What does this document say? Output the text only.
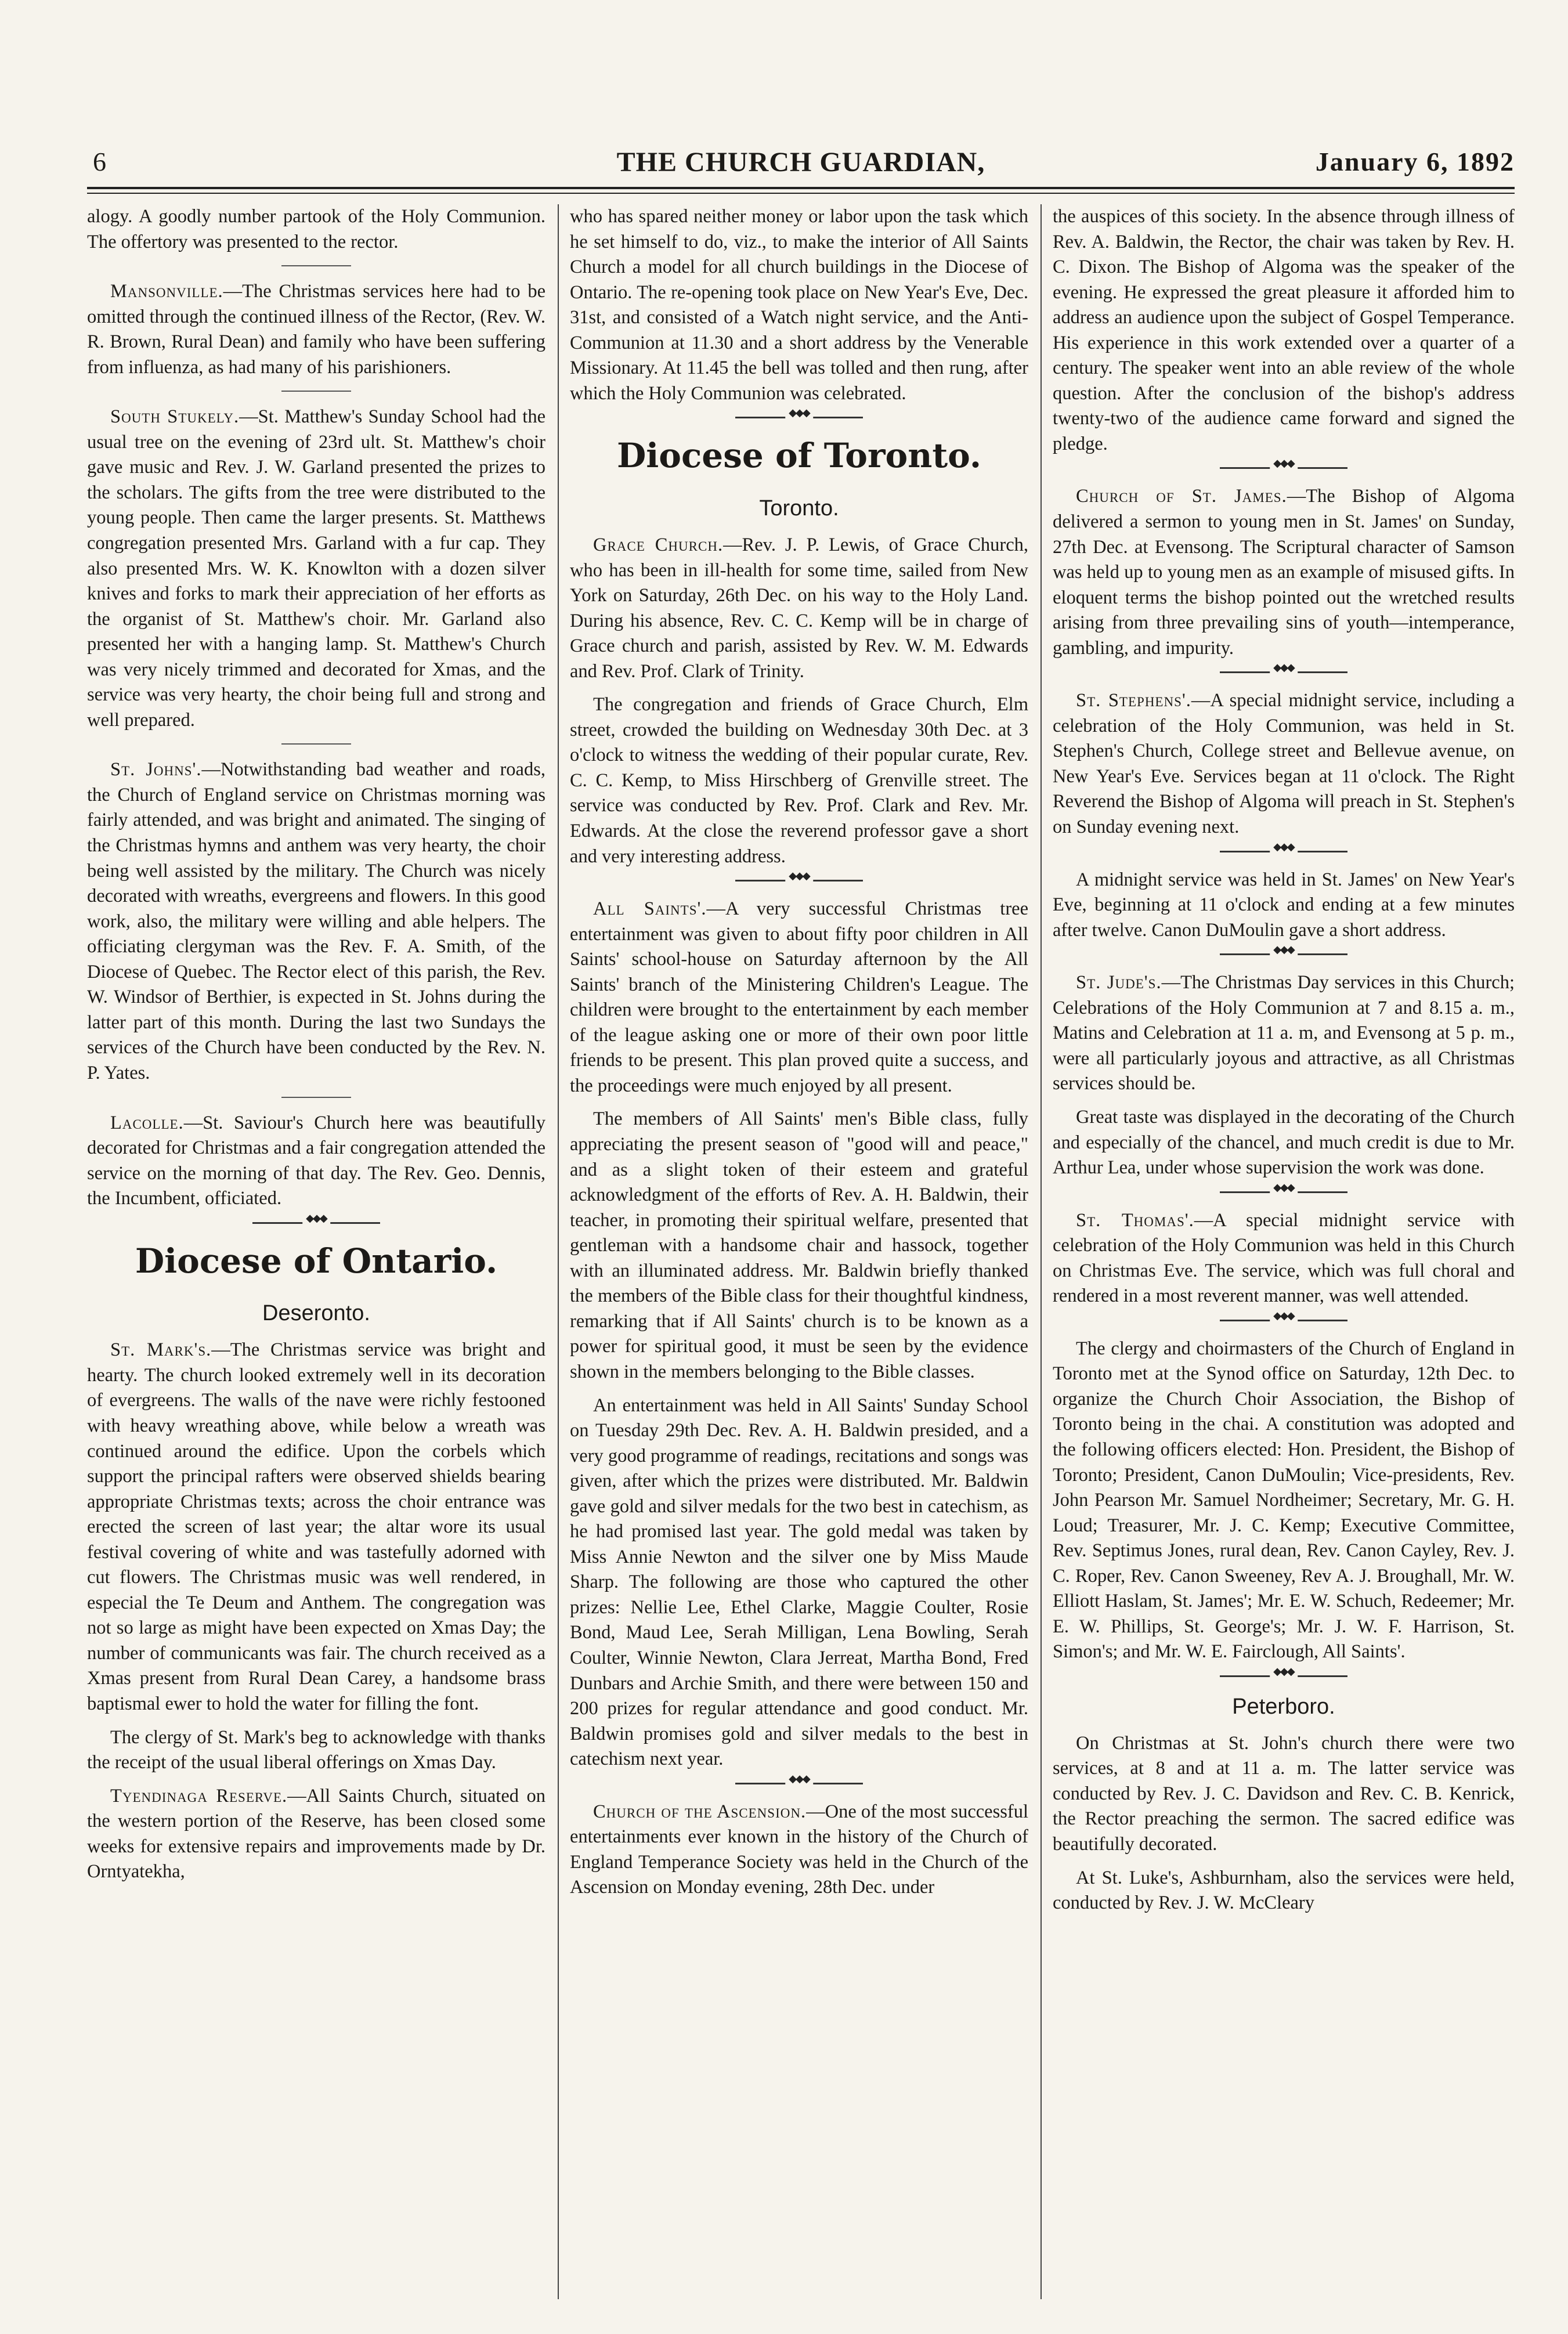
6	THE CHURCH GUARDIAN,	January 6, 1892

alogy. A goodly number partook of the Holy Communion. The offertory was presented to the rector.

Mansonville.—The Christmas services here had to be omitted through the continued illness of the Rector, (Rev. W. R. Brown, Rural Dean) and family who have been suffering from influenza, as had many of his parishioners.

South Stukely.—St. Matthew's Sunday School had the usual tree on the evening of 23rd ult. St. Matthew's choir gave music and Rev. J. W. Garland presented the prizes to the scholars. The gifts from the tree were distributed to the young people. Then came the larger presents. St. Matthews congregation presented Mrs. Garland with a fur cap. They also presented Mrs. W. K. Knowlton with a dozen silver knives and forks to mark their appreciation of her efforts as the organist of St. Matthew's choir. Mr. Garland also presented her with a hanging lamp. St. Matthew's Church was very nicely trimmed and decorated for Xmas, and the service was very hearty, the choir being full and strong and well prepared.

St. Johns'.—Notwithstanding bad weather and roads, the Church of England service on Christmas morning was fairly attended, and was bright and animated. The singing of the Christmas hymns and anthem was very hearty, the choir being well assisted by the military. The Church was nicely decorated with wreaths, evergreens and flowers. In this good work, also, the military were willing and able helpers. The officiating clergyman was the Rev. F. A. Smith, of the Diocese of Quebec. The Rector elect of this parish, the Rev. W. Windsor of Berthier, is expected in St. Johns during the latter part of this month. During the last two Sundays the services of the Church have been conducted by the Rev. N. P. Yates.

Lacolle.—St. Saviour's Church here was beautifully decorated for Christmas and a fair congregation attended the service on the morning of that day. The Rev. Geo. Dennis, the Incumbent, officiated.

◆◆◆
Diocese of Ontario.
Deseronto.

St. Mark's.—The Christmas service was bright and hearty. The church looked extremely well in its decoration of evergreens. The walls of the nave were richly festooned with heavy wreathing above, while below a wreath was continued around the edifice. Upon the corbels which support the principal rafters were observed shields bearing appropriate Christmas texts; across the choir entrance was erected the screen of last year; the altar wore its usual festival covering of white and was tastefully adorned with cut flowers. The Christmas music was well rendered, in especial the Te Deum and Anthem. The congregation was not so large as might have been expected on Xmas Day; the number of communicants was fair. The church received as a Xmas present from Rural Dean Carey, a handsome brass baptismal ewer to hold the water for filling the font.

The clergy of St. Mark's beg to acknowledge with thanks the receipt of the usual liberal offerings on Xmas Day.

Tyendinaga Reserve.—All Saints Church, situated on the western portion of the Reserve, has been closed some weeks for extensive repairs and improvements made by Dr. Orntyatekha,

who has spared neither money or labor upon the task which he set himself to do, viz., to make the interior of All Saints Church a model for all church buildings in the Diocese of Ontario. The re-opening took place on New Year's Eve, Dec. 31st, and consisted of a Watch night service, and the Anti-Communion at 11.30 and a short address by the Venerable Missionary. At 11.45 the bell was tolled and then rung, after which the Holy Communion was celebrated.

◆◆◆
Diocese of Toronto.
Toronto.

Grace Church.—Rev. J. P. Lewis, of Grace Church, who has been in ill-health for some time, sailed from New York on Saturday, 26th Dec. on his way to the Holy Land. During his absence, Rev. C. C. Kemp will be in charge of Grace church and parish, assisted by Rev. W. M. Edwards and Rev. Prof. Clark of Trinity.

The congregation and friends of Grace Church, Elm street, crowded the building on Wednesday 30th Dec. at 3 o'clock to witness the wedding of their popular curate, Rev. C. C. Kemp, to Miss Hirschberg of Grenville street. The service was conducted by Rev. Prof. Clark and Rev. Mr. Edwards. At the close the reverend professor gave a short and very interesting address.

◆◆◆

All Saints'.—A very successful Christmas tree entertainment was given to about fifty poor children in All Saints' school-house on Saturday afternoon by the All Saints' branch of the Ministering Children's League. The children were brought to the entertainment by each member of the league asking one or more of their own poor little friends to be present. This plan proved quite a success, and the proceedings were much enjoyed by all present.

The members of All Saints' men's Bible class, fully appreciating the present season of "good will and peace," and as a slight token of their esteem and grateful acknowledgment of the efforts of Rev. A. H. Baldwin, their teacher, in promoting their spiritual welfare, presented that gentleman with a handsome chair and hassock, together with an illuminated address. Mr. Baldwin briefly thanked the members of the Bible class for their thoughtful kindness, remarking that if All Saints' church is to be known as a power for spiritual good, it must be seen by the evidence shown in the members belonging to the Bible classes.

An entertainment was held in All Saints' Sunday School on Tuesday 29th Dec. Rev. A. H. Baldwin presided, and a very good programme of readings, recitations and songs was given, after which the prizes were distributed. Mr. Baldwin gave gold and silver medals for the two best in catechism, as he had promised last year. The gold medal was taken by Miss Annie Newton and the silver one by Miss Maude Sharp. The following are those who captured the other prizes: Nellie Lee, Ethel Clarke, Maggie Coulter, Rosie Bond, Maud Lee, Serah Milligan, Lena Bowling, Serah Coulter, Winnie Newton, Clara Jerreat, Martha Bond, Fred Dunbars and Archie Smith, and there were between 150 and 200 prizes for regular attendance and good conduct. Mr. Baldwin promises gold and silver medals to the best in catechism next year.

◆◆◆

Church of the Ascension.—One of the most successful entertainments ever known in the history of the Church of England Temperance Society was held in the Church of the Ascension on Monday evening, 28th Dec. under

the auspices of this society. In the absence through illness of Rev. A. Baldwin, the Rector, the chair was taken by Rev. H. C. Dixon. The Bishop of Algoma was the speaker of the evening. He expressed the great pleasure it afforded him to address an audience upon the subject of Gospel Temperance. His experience in this work extended over a quarter of a century. The speaker went into an able review of the whole question. After the conclusion of the bishop's address twenty-two of the audience came forward and signed the pledge.

◆◆◆

Church of St. James.—The Bishop of Algoma delivered a sermon to young men in St. James' on Sunday, 27th Dec. at Evensong. The Scriptural character of Samson was held up to young men as an example of misused gifts. In eloquent terms the bishop pointed out the wretched results arising from three prevailing sins of youth—intemperance, gambling, and impurity.

◆◆◆

St. Stephens'.—A special midnight service, including a celebration of the Holy Communion, was held in St. Stephen's Church, College street and Bellevue avenue, on New Year's Eve. Services began at 11 o'clock. The Right Reverend the Bishop of Algoma will preach in St. Stephen's on Sunday evening next.

◆◆◆

A midnight service was held in St. James' on New Year's Eve, beginning at 11 o'clock and ending at a few minutes after twelve. Canon DuMoulin gave a short address.

◆◆◆

St. Jude's.—The Christmas Day services in this Church; Celebrations of the Holy Communion at 7 and 8.15 a. m., Matins and Celebration at 11 a. m, and Evensong at 5 p. m., were all particularly joyous and attractive, as all Christmas services should be.

Great taste was displayed in the decorating of the Church and especially of the chancel, and much credit is due to Mr. Arthur Lea, under whose supervision the work was done.

◆◆◆

St. Thomas'.—A special midnight service with celebration of the Holy Communion was held in this Church on Christmas Eve. The service, which was full choral and rendered in a most reverent manner, was well attended.

◆◆◆

The clergy and choirmasters of the Church of England in Toronto met at the Synod office on Saturday, 12th Dec. to organize the Church Choir Association, the Bishop of Toronto being in the chai. A constitution was adopted and the following officers elected: Hon. President, the Bishop of Toronto; President, Canon DuMoulin; Vice-presidents, Rev. John Pearson Mr. Samuel Nordheimer; Secretary, Mr. G. H. Loud; Treasurer, Mr. J. C. Kemp; Executive Committee, Rev. Septimus Jones, rural dean, Rev. Canon Cayley, Rev. J. C. Roper, Rev. Canon Sweeney, Rev A. J. Broughall, Mr. W. Elliott Haslam, St. James'; Mr. E. W. Schuch, Redeemer; Mr. E. W. Phillips, St. George's; Mr. J. W. F. Harrison, St. Simon's; and Mr. W. E. Fairclough, All Saints'.

◆◆◆
Peterboro.

On Christmas at St. John's church there were two services, at 8 and at 11 a. m. The latter service was conducted by Rev. J. C. Davidson and Rev. C. B. Kenrick, the Rector preaching the sermon. The sacred edifice was beautifully decorated.

At St. Luke's, Ashburnham, also the services were held, conducted by Rev. J. W. McCleary
